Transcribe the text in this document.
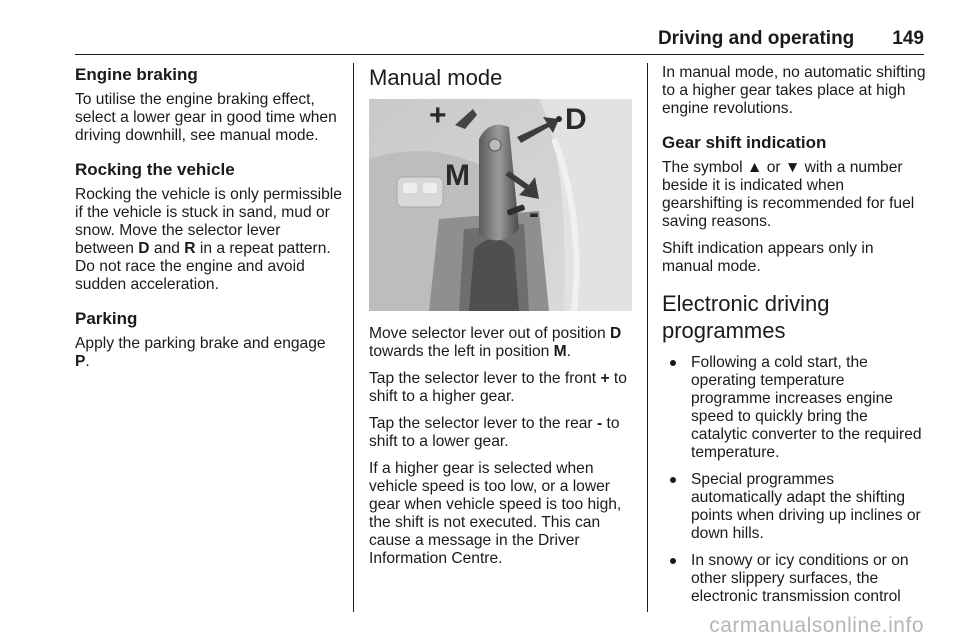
Driving and operating 149
Engine braking

To utilise the engine braking effect, select a lower gear in good time when driving downhill, see manual mode.

Rocking the vehicle

Rocking the vehicle is only permissible if the vehicle is stuck in sand, mud or snow. Move the selector lever between D and R in a repeat pattern. Do not race the engine and avoid sudden acceleration.

Parking

Apply the parking brake and engage P.

Manual mode
+	D
M
-

Move selector lever out of position D towards the left in position M.

Tap the selector lever to the front + to shift to a higher gear.

Tap the selector lever to the rear - to shift to a lower gear.

If a higher gear is selected when vehicle speed is too low, or a lower gear when vehicle speed is too high, the shift is not executed. This can cause a message in the Driver Information Centre.

In manual mode, no automatic shifting to a higher gear takes place at high engine revolutions.

Gear shift indication

The symbol ▲ or ▼ with a number beside it is indicated when gearshifting is recommended for fuel saving reasons.

Shift indication appears only in manual mode.

Electronic driving programmes
Following a cold start, the operating temperature programme increases engine speed to quickly bring the catalytic converter to the required temperature.
Special programmes automatically adapt the shifting points when driving up inclines or down hills.
In snowy or icy conditions or on other slippery surfaces, the electronic transmission control
carmanualsonline.info
